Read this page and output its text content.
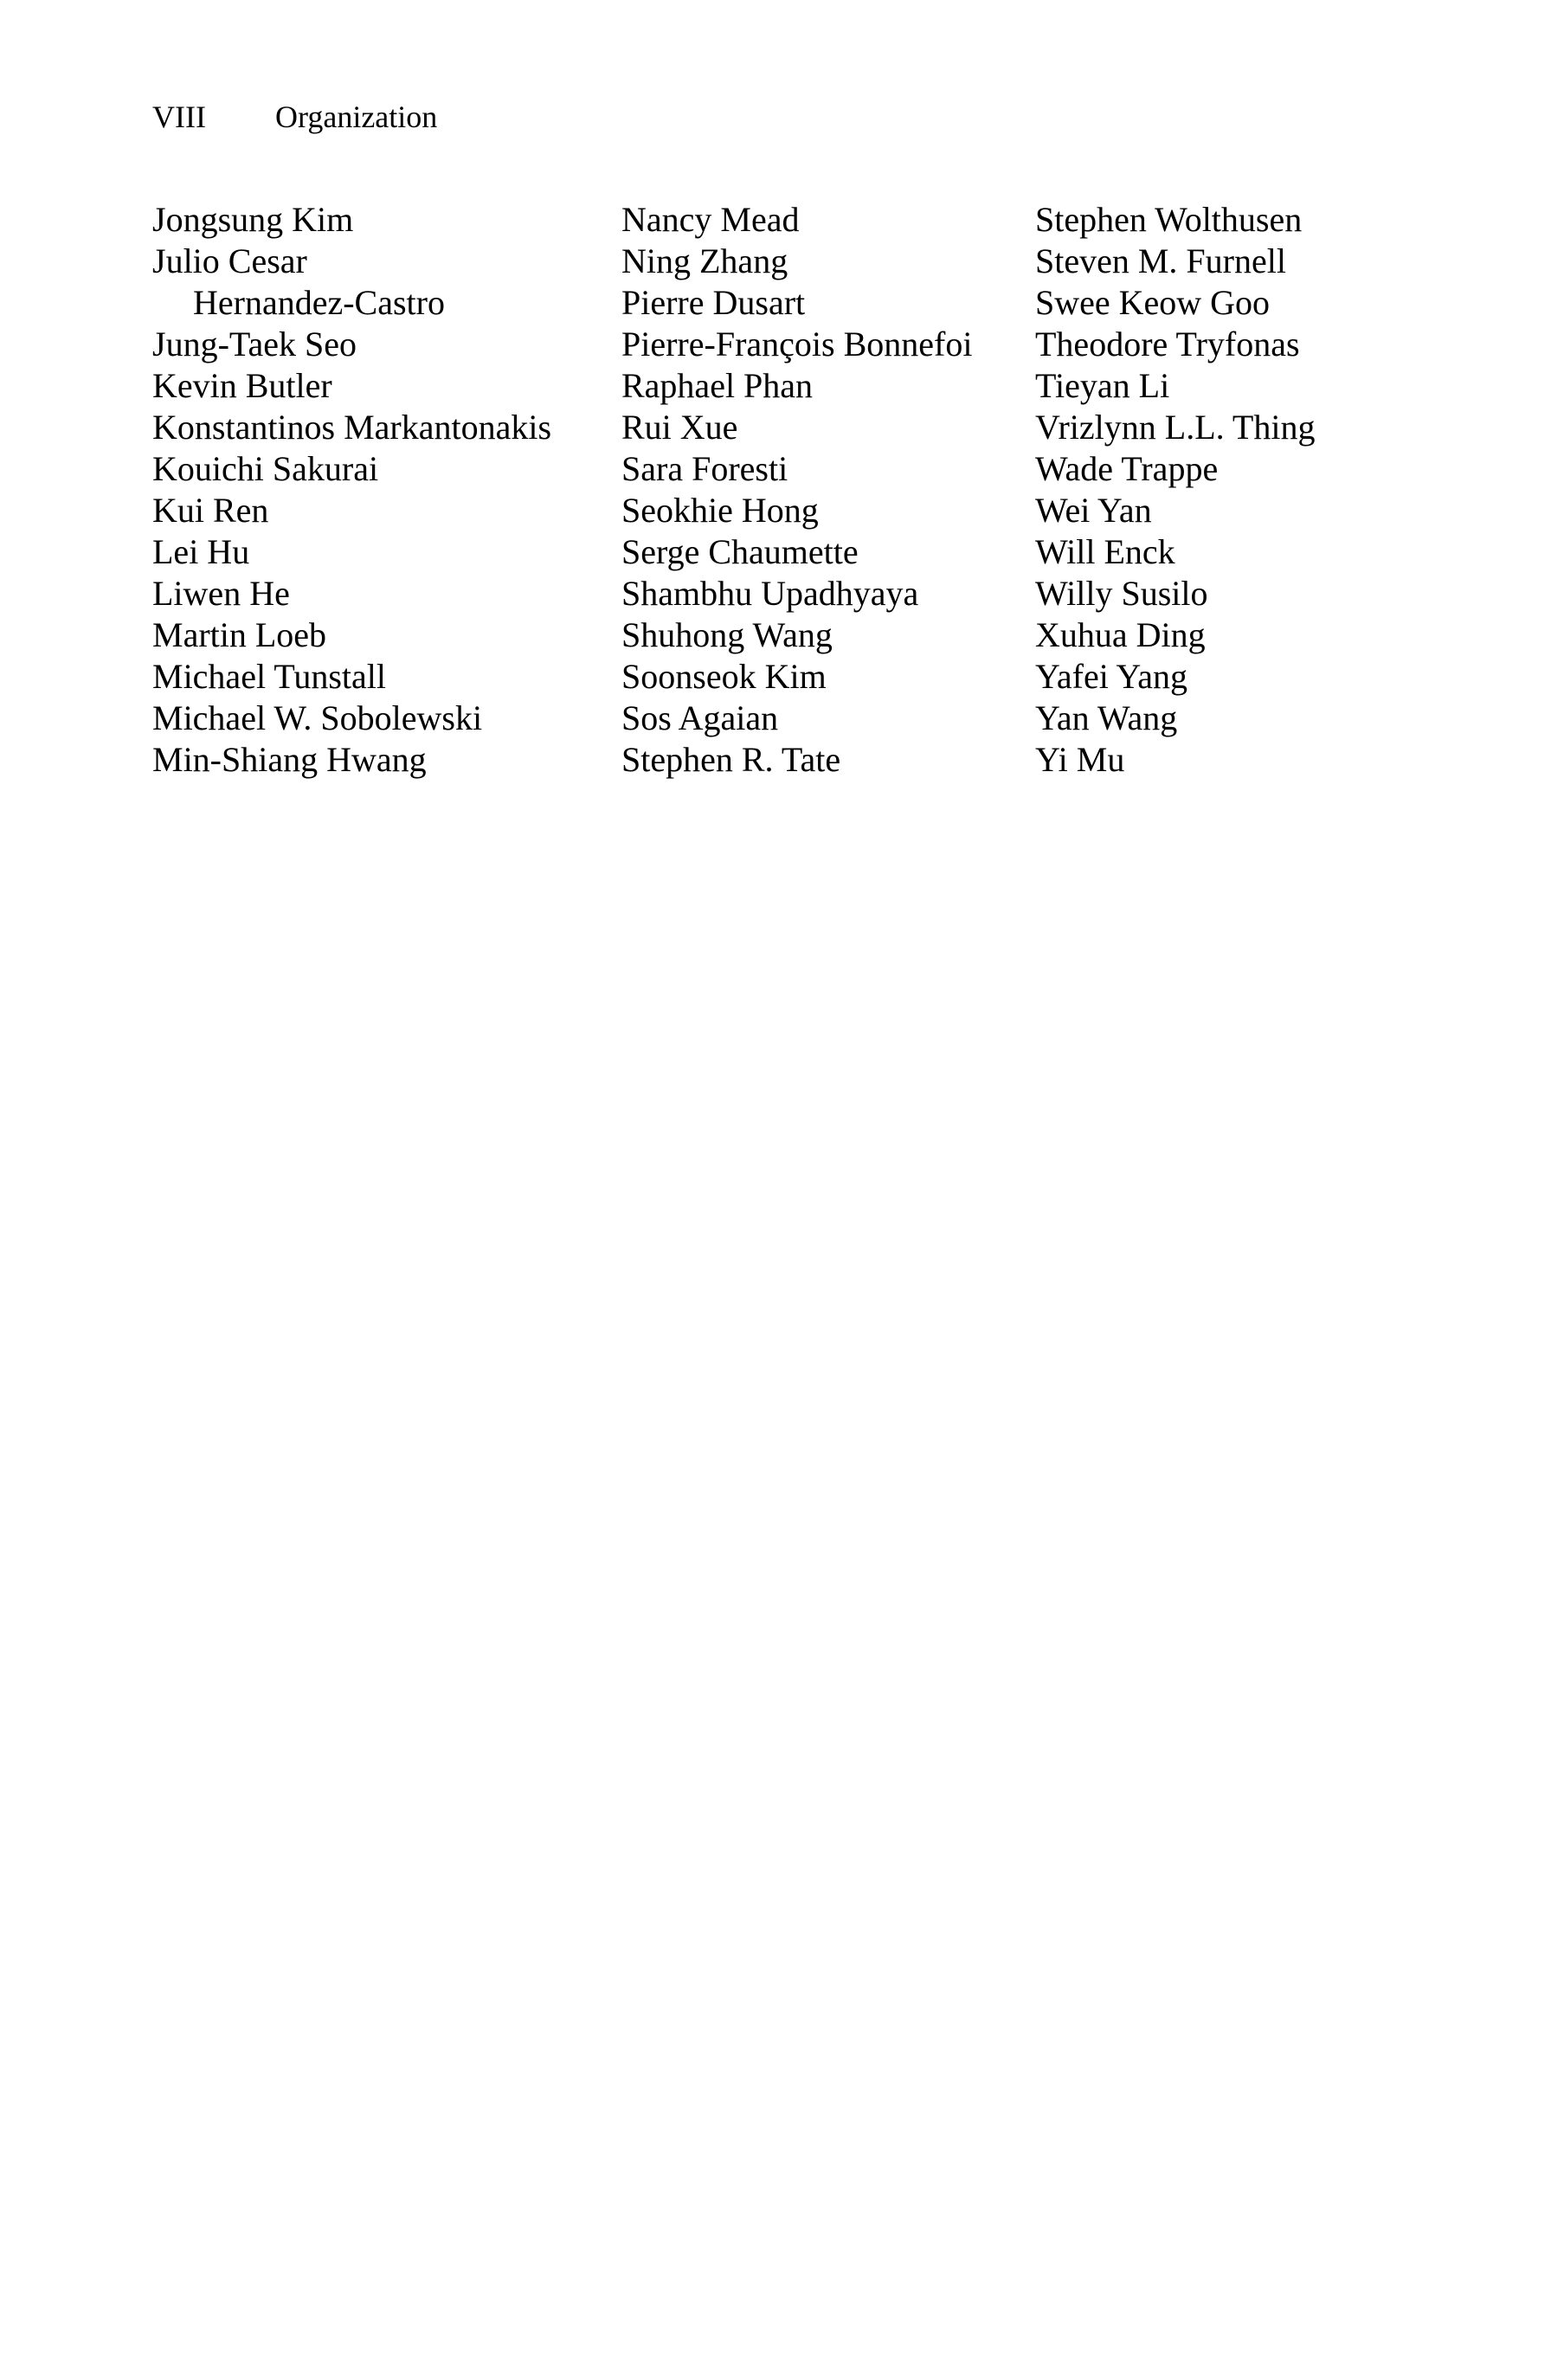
VIII Organization
Jongsung Kim
Julio Cesar
Hernandez-Castro
Jung-Taek Seo
Kevin Butler
Konstantinos Markantonakis
Kouichi Sakurai
Kui Ren
Lei Hu
Liwen He
Martin Loeb
Michael Tunstall
Michael W. Sobolewski
Min-Shiang Hwang
Nancy Mead
Ning Zhang
Pierre Dusart
Pierre-François Bonnefoi
Raphael Phan
Rui Xue
Sara Foresti
Seokhie Hong
Serge Chaumette
Shambhu Upadhyaya
Shuhong Wang
Soonseok Kim
Sos Agaian
Stephen R. Tate
Stephen Wolthusen
Steven M. Furnell
Swee Keow Goo
Theodore Tryfonas
Tieyan Li
Vrizlynn L.L. Thing
Wade Trappe
Wei Yan
Will Enck
Willy Susilo
Xuhua Ding
Yafei Yang
Yan Wang
Yi Mu
